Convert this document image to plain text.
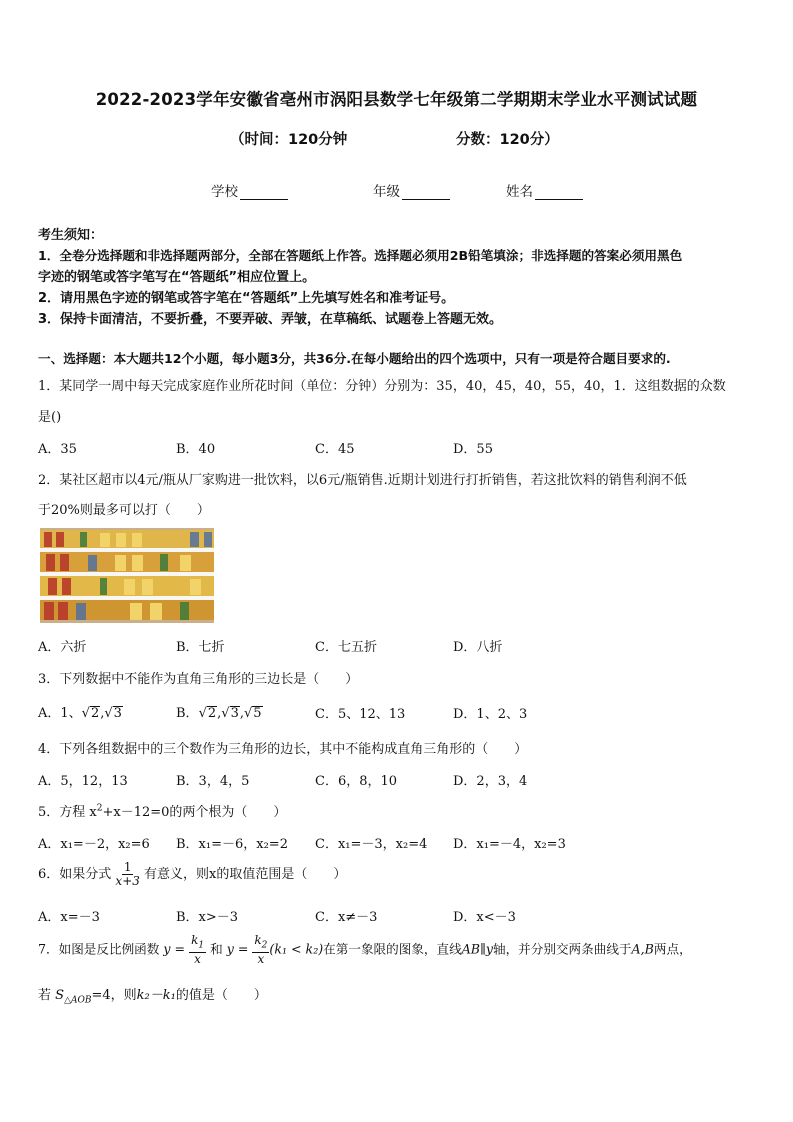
2022-2023学年安徽省亳州市涡阳县数学七年级第二学期期末学业水平测试试题
（时间：120分钟	分数：120分）
学校	年级	姓名
考生须知：
1．全卷分选择题和非选择题两部分，全部在答题纸上作答。选择题必须用2B铅笔填涂；非选择题的答案必须用黑色
字迹的钢笔或答字笔写在“答题纸”相应位置上。
2．请用黑色字迹的钢笔或答字笔在“答题纸”上先填写姓名和准考证号。
3．保持卡面清洁，不要折叠，不要弄破、弄皱，在草稿纸、试题卷上答题无效。
一、选择题：本大题共12个小题，每小题3分，共36分.在每小题给出的四个选项中，只有一项是符合题目要求的.
1．某同学一周中每天完成家庭作业所花时间（单位：分钟）分别为：35，40，45，40，55，40，1．这组数据的众数
是()
A．35	B．40	C．45	D．55
2．某社区超市以4元/瓶从厂家购进一批饮料，以6元/瓶销售.近期计划进行打折销售，若这批饮料的销售利润不低
于20%则最多可以打（　　）
A．六折	B．七折	C．七五折	D．八折
3．下列数据中不能作为直角三角形的三边长是（　　）
A．1、√2,√3	B．√2,√3,√5	C．5、12、13	D．1、2、3
4．下列各组数据中的三个数作为三角形的边长，其中不能构成直角三角形的（　　）
A．5，12，13	B．3，4，5	C．6，8，10	D．2，3，4
5．方程 $x^2+x-12=0$的两个根为（　　）
A．x₁=－2，x₂=6 B．x₁=－6，x₂=2 C．x₁=－3，x₂=4 D．x₁=－4，x₂=3
6．如果分式 $\frac{1}{x+3}$ 有意义，则x的取值范围是（　　）
A．x=－3	B．x>－3	C．x≠－3	D．x<－3
7．如图是反比例函数 $y = \frac{k_1}{x}$ 和 $y = \frac{k_2}{x} (k_1 < k_2)$在第一象限的图象，直线AB∥y轴，并分别交两条曲线于A,B两点，
若 $S_{\triangle AOB}=4$，则k₂－k₁的值是（　　）
